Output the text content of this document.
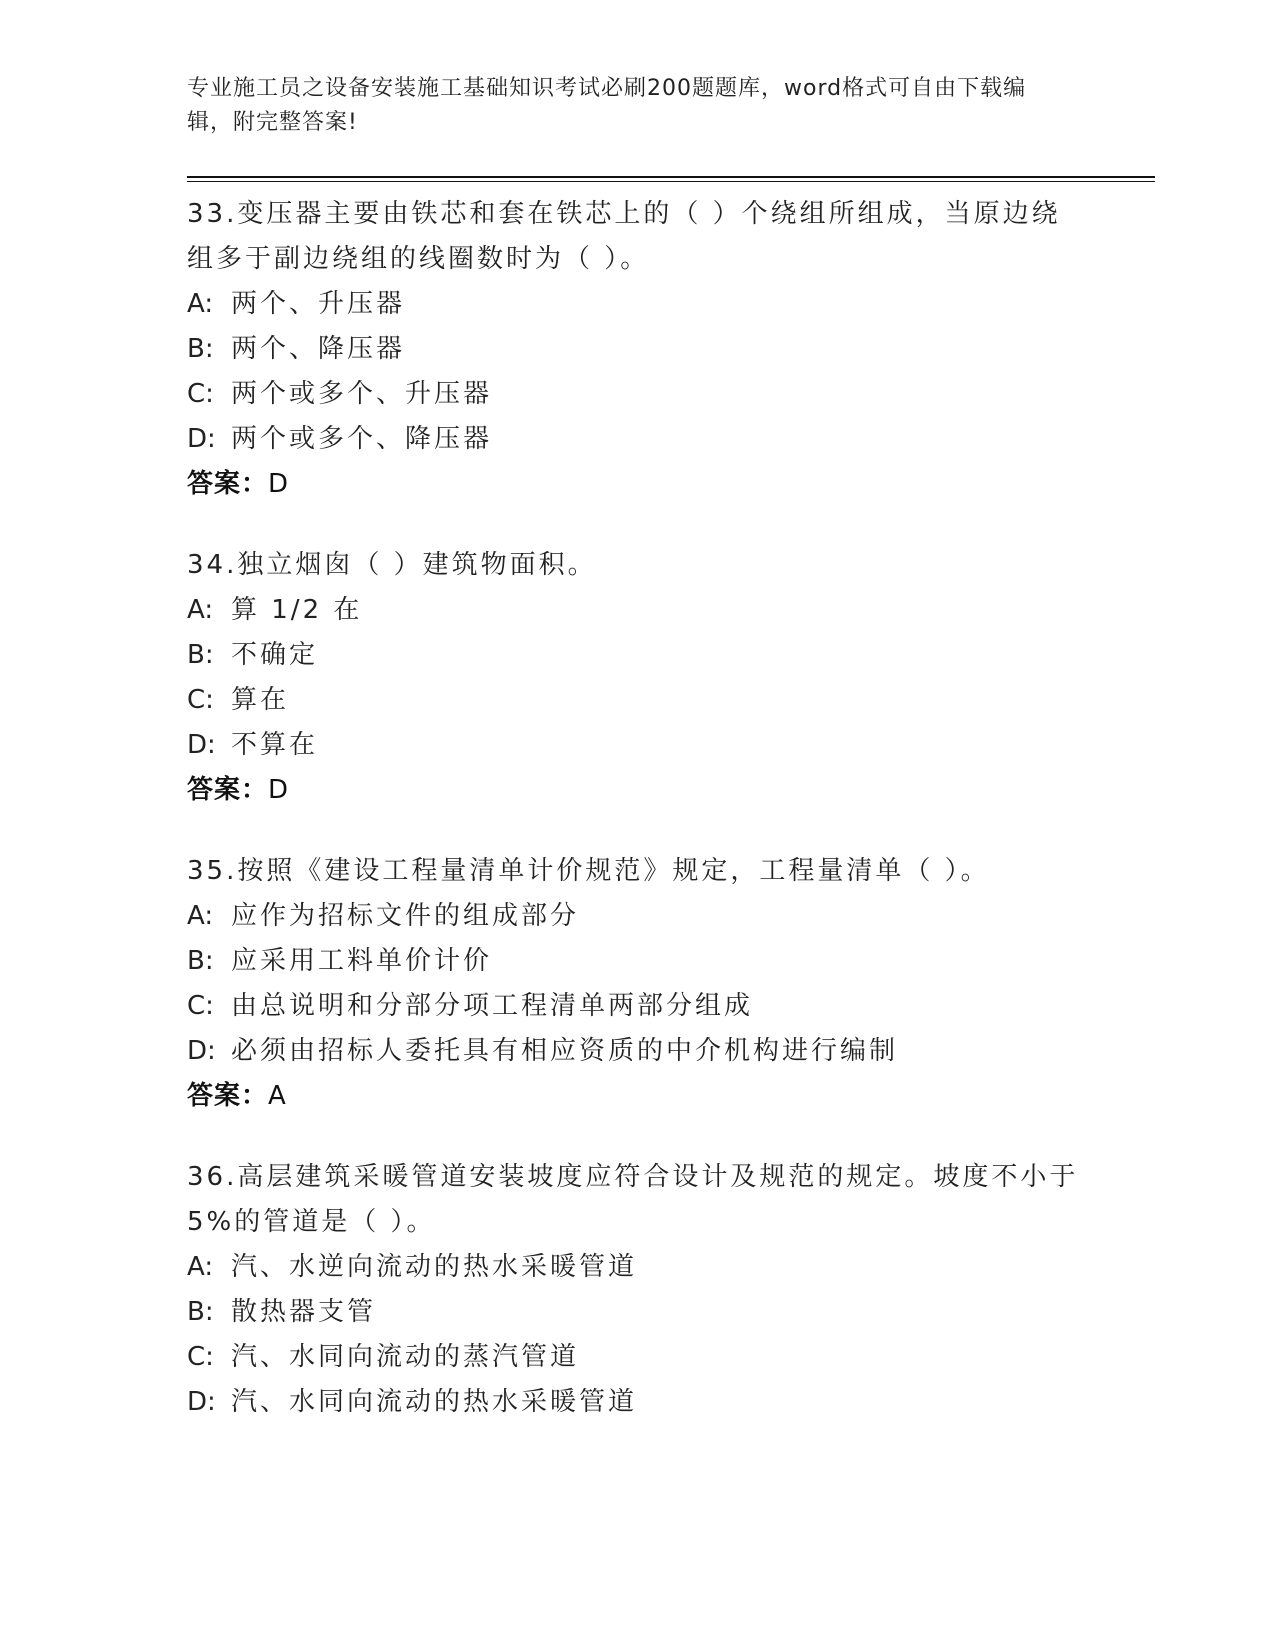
专业施工员之设备安装施工基础知识考试必刷200题题库，word格式可自由下载编辑，附完整答案!

33.变压器主要由铁芯和套在铁芯上的（ ）个绕组所组成，当原边绕组多于副边绕组的线圈数时为（ ）。

A: 两个、升压器

B: 两个、降压器

C: 两个或多个、升压器

D: 两个或多个、降压器

答案：D

34.独立烟囱（ ）建筑物面积。

A: 算 1/2 在

B: 不确定

C: 算在

D: 不算在

答案：D

35.按照《建设工程量清单计价规范》规定，工程量清单（ ）。

A: 应作为招标文件的组成部分

B: 应采用工料单价计价

C: 由总说明和分部分项工程清单两部分组成

D: 必须由招标人委托具有相应资质的中介机构进行编制

答案：A

36.高层建筑采暖管道安装坡度应符合设计及规范的规定。坡度不小于5%的管道是（ ）。

A: 汽、水逆向流动的热水采暖管道

B: 散热器支管

C: 汽、水同向流动的蒸汽管道

D: 汽、水同向流动的热水采暖管道
